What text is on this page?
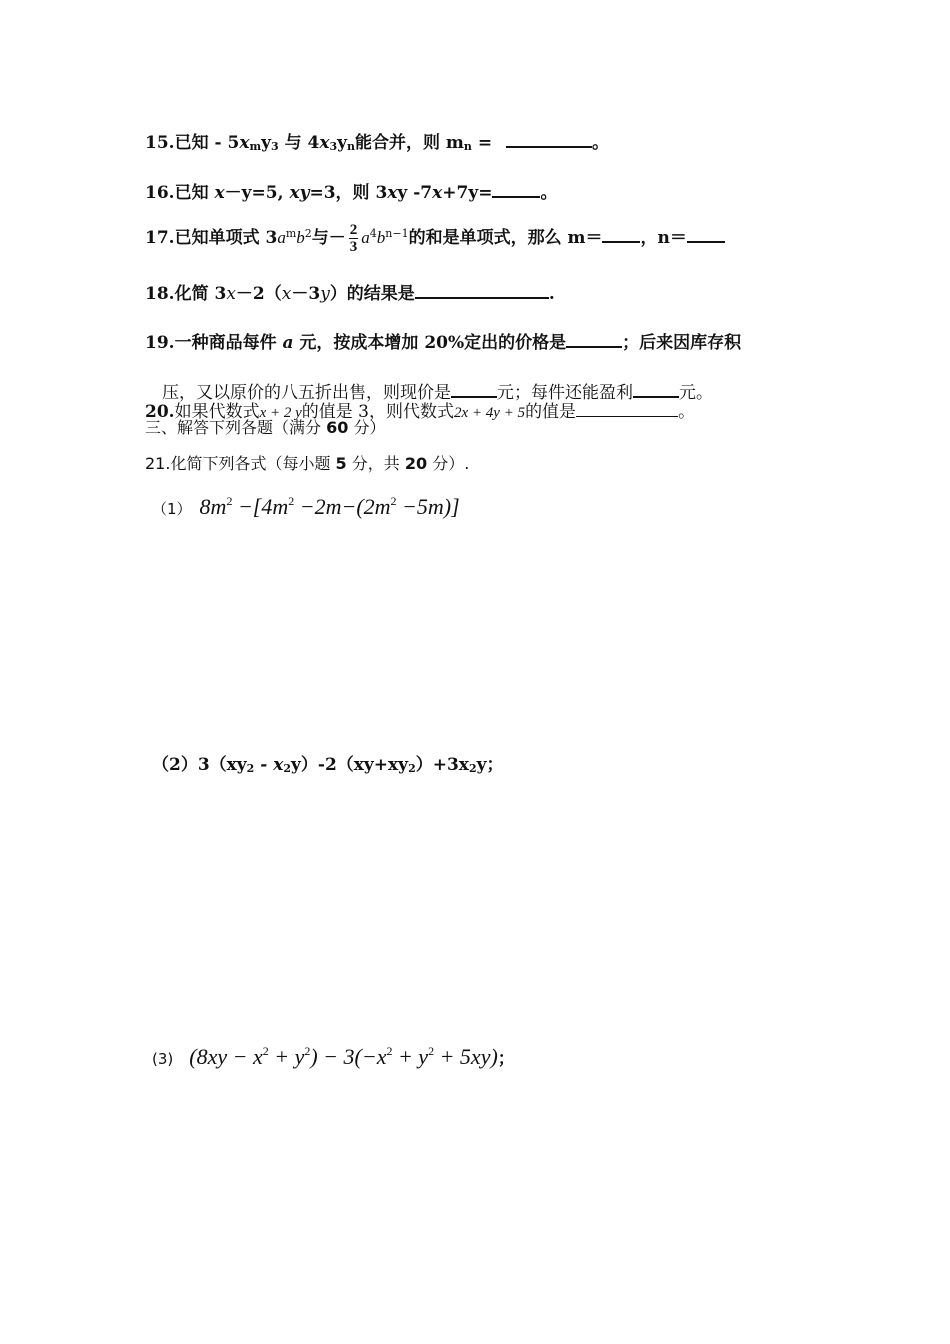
15.已知 - 5xmy3 与 4x3yn能合并，则 mn =	。
16.已知 x－y=5, xy=3，则 3xy -7x+7y=	。
17.已知单项式 $3a^mb^2$与－ $\frac{2}{3} a^4b^{n-1}$的和是单项式，那么 m＝ ，n＝
18.化简 3x－2（x－3y）的结果是	.
19.一种商品每件 a 元，按成本增加 20%定出的价格是	；后来因库存积
压，又以原价的八五折出售，则现价是	元；每件还能盈利	元。
20.如果代数式x + 2 y的值是 3，则代数式2x + 4y + 5的值是	。
三、解答下列各题（满分 60 分）
21.化简下列各式（每小题 5 分，共 20 分）.
（1） $8m^2 -[4m^2 -2m-(2m^2 -5m)]$
（2）3（xy2 - x2y）-2（xy+xy2）+3x2y；
(3) $(8xy - x^2 + y^2) - 3(-x^2 + y^2 + 5xy)$；
